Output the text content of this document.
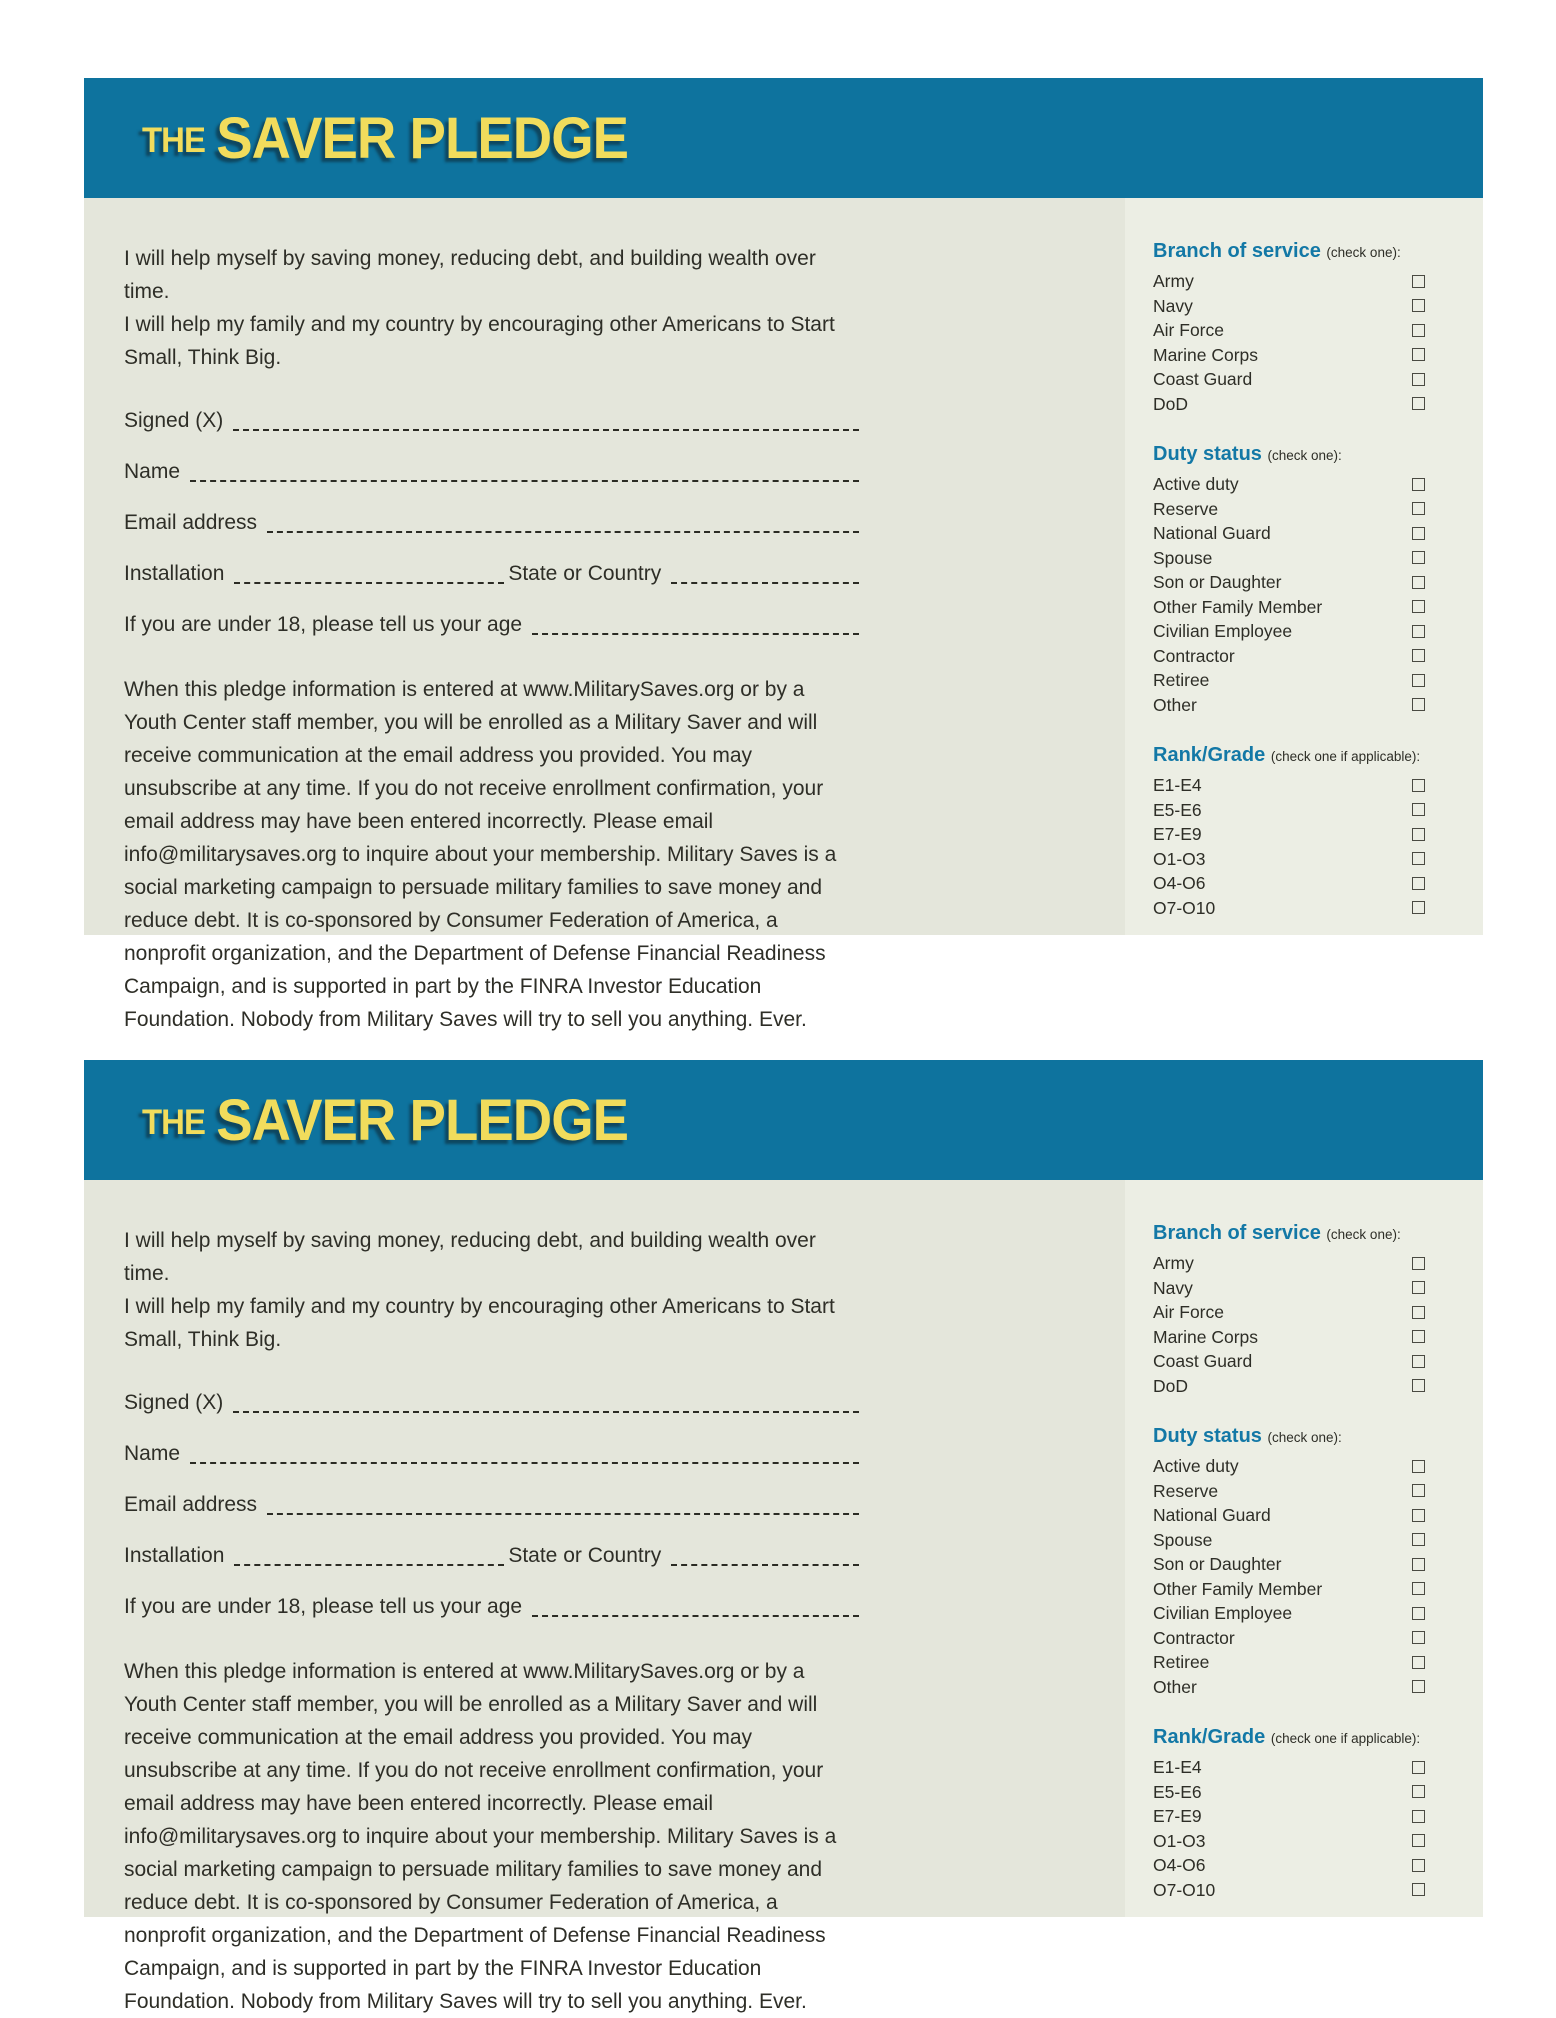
THE SAVER PLEDGE

I will help myself by saving money, reducing debt, and building wealth over time.

I will help my family and my country by encouraging other Americans to Start Small, Think Big.

Signed (X)
Name
Email address
Installation	State or Country
If you are under 18, please tell us your age

When this pledge information is entered at www.MilitarySaves.org or by a Youth Center staff member, you will be enrolled as a Military Saver and will receive communication at the email address you provided. You may unsubscribe at any time. If you do not receive enrollment confirmation, your email address may have been entered incorrectly. Please email info@militarysaves.org to inquire about your membership. Military Saves is a social marketing campaign to persuade military families to save money and reduce debt. It is co-sponsored by Consumer Federation of America, a nonprofit organization, and the Department of Defense Financial Readiness Campaign, and is supported in part by the FINRA Investor Education Foundation. Nobody from Military Saves will try to sell you anything. Ever.

Branch of service (check one):
Army
Navy
Air Force
Marine Corps
Coast Guard
DoD
Duty status (check one):
Active duty
Reserve
National Guard
Spouse
Son or Daughter
Other Family Member
Civilian Employee
Contractor
Retiree
Other
Rank/Grade (check one if applicable):
E1-E4
E5-E6
E7-E9
O1-O3
O4-O6
O7-O10
THE SAVER PLEDGE

I will help myself by saving money, reducing debt, and building wealth over time.

I will help my family and my country by encouraging other Americans to Start Small, Think Big.

Signed (X)
Name
Email address
Installation	State or Country
If you are under 18, please tell us your age

When this pledge information is entered at www.MilitarySaves.org or by a Youth Center staff member, you will be enrolled as a Military Saver and will receive communication at the email address you provided. You may unsubscribe at any time. If you do not receive enrollment confirmation, your email address may have been entered incorrectly. Please email info@militarysaves.org to inquire about your membership. Military Saves is a social marketing campaign to persuade military families to save money and reduce debt. It is co-sponsored by Consumer Federation of America, a nonprofit organization, and the Department of Defense Financial Readiness Campaign, and is supported in part by the FINRA Investor Education Foundation. Nobody from Military Saves will try to sell you anything. Ever.

Branch of service (check one):
Army
Navy
Air Force
Marine Corps
Coast Guard
DoD
Duty status (check one):
Active duty
Reserve
National Guard
Spouse
Son or Daughter
Other Family Member
Civilian Employee
Contractor
Retiree
Other
Rank/Grade (check one if applicable):
E1-E4
E5-E6
E7-E9
O1-O3
O4-O6
O7-O10
